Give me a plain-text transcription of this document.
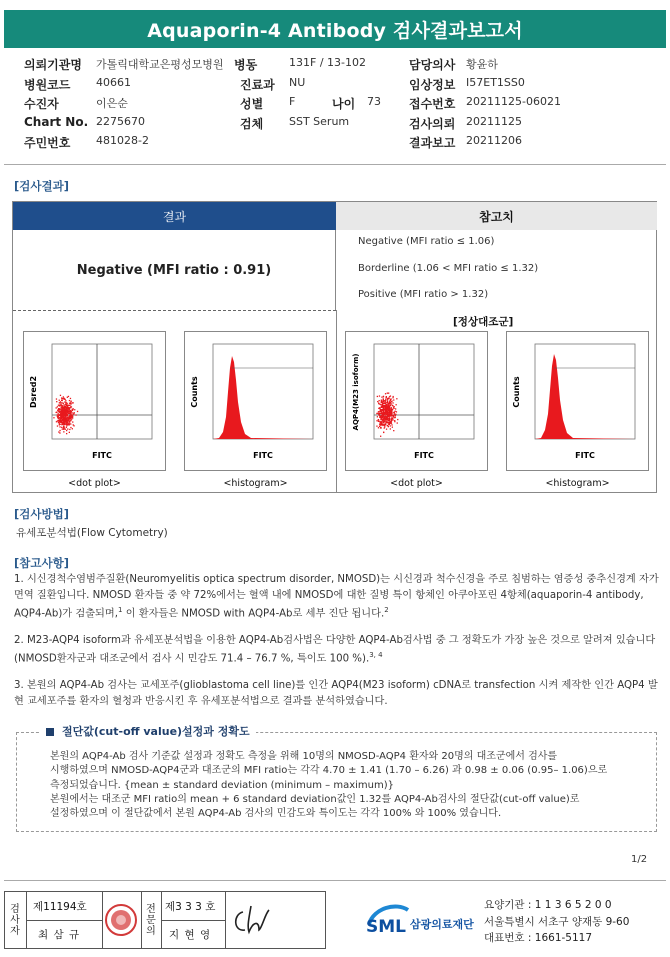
Aquaporin-4 Antibody 검사결과보고서
의뢰기관명 가톨릭대학교은평성모병원 병동	131F / 13-102	담당의사 황윤하
병원코드 40661	진료과 NU	임상정보 I57ET1SS0
수진자	이은순	성별 F	나이 73 접수번호 20211125-06021
Chart No. 2275670	검체 SST Serum	검사의뢰 20211125
주민번호 481028-2	결과보고 20211206
[검사결과]
결과	참고치
Negative (MFI ratio : 0.91)
Negative (MFI ratio ≤ 1.06)
Borderline (1.06 < MFI ratio ≤ 1.32)
Positive (MFI ratio > 1.32)
[정상대조군]
Dsred2
FITC
<dot plot>
Counts
FITC
<histogram>
AQP4(M23 isoform)
FITC
<dot plot>
Counts
FITC
<histogram>
[검사방법]
유세포분석법(Flow Cytometry)
[참고사항]

1. 시신경척수염범주질환(Neuromyelitis optica spectrum disorder, NMOSD)는 시신경과 척수신경을 주로 침범하는 염증성 중추신경계 자가면역 질환입니다. NMOSD 환자들 중 약 72%에서는 혈액 내에 NMOSD에 대한 질병 특이 항체인 아쿠아포린 4항체(aquaporin-4 antibody, AQP4-Ab)가 검출되며,$^1$ 이 환자들은 NMOSD with AQP4-Ab로 세부 진단 됩니다.$^2$

2. M23-AQP4 isoform과 유세포분석법을 이용한 AQP4-Ab검사법은 다양한 AQP4-Ab검사법 중 그 정확도가 가장 높은 것으로 알려져 있습니다(NMOSD환자군과 대조군에서 검사 시 민감도 71.4 – 76.7 %, 특이도 100 %).$^{3, 4}$

3. 본원의 AQP4-Ab 검사는 교세포주(glioblastoma cell line)를 인간 AQP4(M23 isoform) cDNA로 transfection 시켜 제작한 인간 AQP4 발현 교세포주를 환자의 혈청과 반응시킨 후 유세포분석법으로 결과를 분석하였습니다.

절단값(cut-off value)설정과 정확도
본원의 AQP4-Ab 검사 기준값 설정과 정확도 측정을 위해 10명의 NMOSD-AQP4 환자와 20명의 대조군에서 검사를
시행하였으며 NMOSD-AQP4군과 대조군의 MFI ratio는 각각 4.70 ± 1.41 (1.70 – 6.26) 과 0.98 ± 0.06 (0.95– 1.06)으로
측정되었습니다. {mean ± standard deviation (minimum – maximum)}
본원에서는 대조군 MFI ratio의 mean + 6 standard deviation값인 1.32를 AQP4-Ab검사의 절단값(cut-off value)로
설정하였으며 이 절단값에서 본원 AQP4-Ab 검사의 민감도와 특이도는 각각 100% 와 100% 였습니다.
1/2
검사자
제11194호
최 삼 규
전문의
제3 3 3 호
지 현 영	SML 삼광의료재단
요양기관 : 1 1 3 6 5 2 0 0
서울특별시 서초구 양재동 9-60
대표번호 : 1661-5117
